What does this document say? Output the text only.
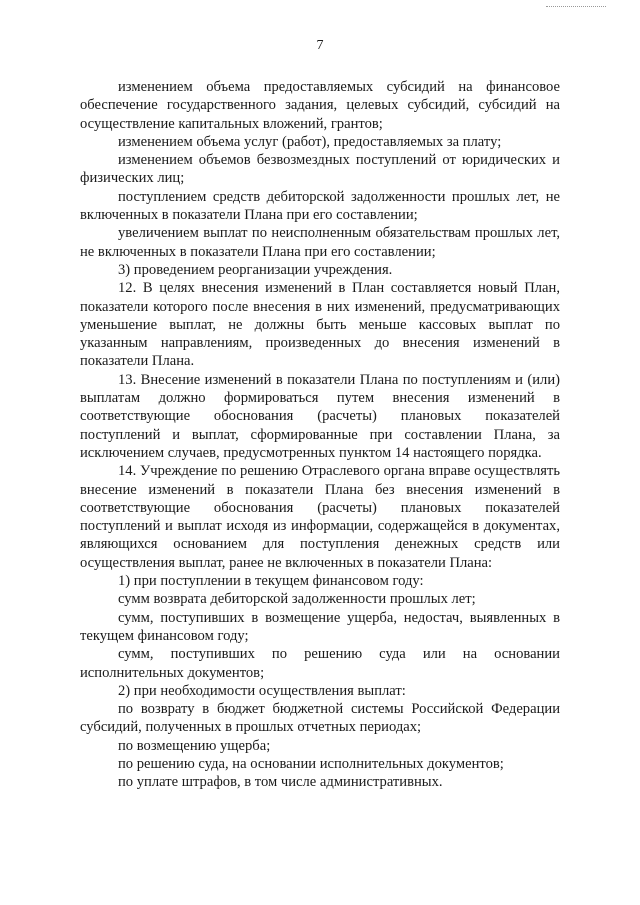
7

изменением объема предоставляемых субсидий на финансовое обеспечение государственного задания, целевых субсидий, субсидий на осуществление капитальных вложений, грантов;

изменением объема услуг (работ), предоставляемых за плату;

изменением объемов безвозмездных поступлений от юридических и физических лиц;

поступлением средств дебиторской задолженности прошлых лет, не включенных в показатели Плана при его составлении;

увеличением выплат по неисполненным обязательствам прошлых лет, не включенных в показатели Плана при его составлении;

3) проведением реорганизации учреждения.

12. В целях внесения изменений в План составляется новый План, показатели которого после внесения в них изменений, предусматривающих уменьшение выплат, не должны быть меньше кассовых выплат по указанным направлениям, произведенных до внесения изменений в показатели Плана.

13. Внесение изменений в показатели Плана по поступлениям и (или) выплатам должно формироваться путем внесения изменений в соответствующие обоснования (расчеты) плановых показателей поступлений и выплат, сформированные при составлении Плана, за исключением случаев, предусмотренных пунктом 14 настоящего порядка.

14. Учреждение по решению Отраслевого органа вправе осуществлять внесение изменений в показатели Плана без внесения изменений в соответствующие обоснования (расчеты) плановых показателей поступлений и выплат исходя из информации, содержащейся в документах, являющихся основанием для поступления денежных средств или осуществления выплат, ранее не включенных в показатели Плана:

1) при поступлении в текущем финансовом году:

сумм возврата дебиторской задолженности прошлых лет;

сумм, поступивших в возмещение ущерба, недостач, выявленных в текущем финансовом году;

сумм, поступивших по решению суда или на основании исполнительных документов;

2) при необходимости осуществления выплат:

по возврату в бюджет бюджетной системы Российской Федерации субсидий, полученных в прошлых отчетных периодах;

по возмещению ущерба;

по решению суда, на основании исполнительных документов;

по уплате штрафов, в том числе административных.
